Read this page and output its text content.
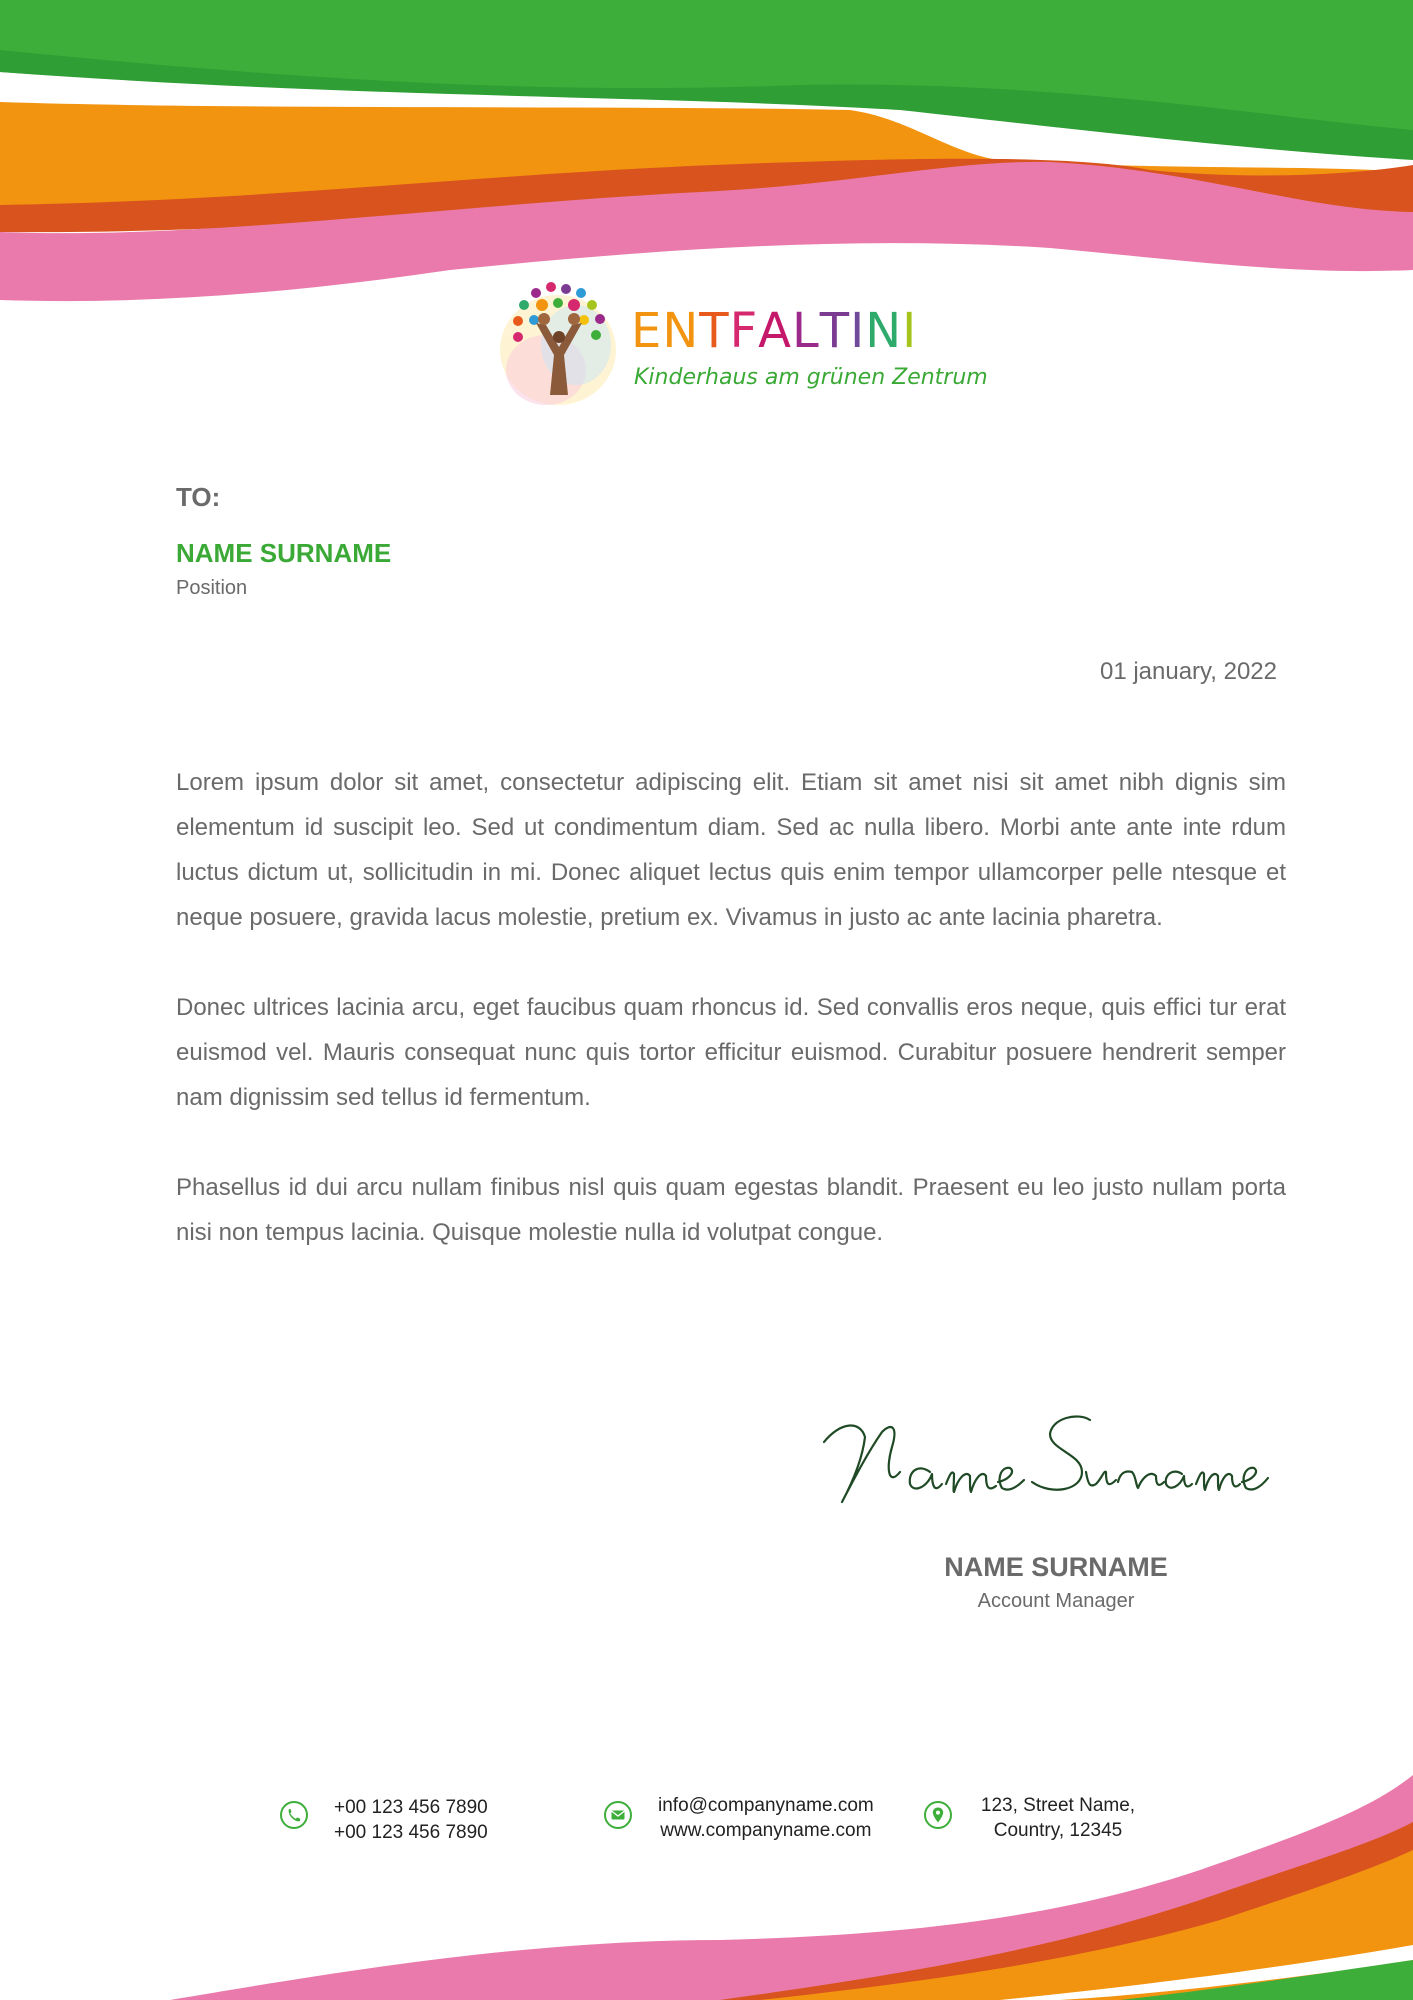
ENTFALTINI
Kinderhaus am grünen Zentrum
TO:
NAME SURNAME
Position
01 january, 2022

Lorem ipsum dolor sit amet, consectetur adipiscing elit. Etiam sit amet nisi sit amet nibh dignis sim elementum id suscipit leo. Sed ut condimentum diam. Sed ac nulla libero. Morbi ante ante inte rdum luctus dictum ut, sollicitudin in mi. Donec aliquet lectus quis enim tempor ullamcorper pelle ntesque et neque posuere, gravida lacus molestie, pretium ex. Vivamus in justo ac ante lacinia pharetra.

Donec ultrices lacinia arcu, eget faucibus quam rhoncus id. Sed convallis eros neque, quis effici tur erat euismod vel. Mauris consequat nunc quis tortor efficitur euismod. Curabitur posuere hendrerit semper nam dignissim sed tellus id fermentum.

Phasellus id dui arcu nullam finibus nisl quis quam egestas blandit. Praesent eu leo justo nullam porta nisi non tempus lacinia. Quisque molestie nulla id volutpat congue.

NAME SURNAME
Account Manager
+00 123 456 7890
+00 123 456 7890
info@companyname.com
www.companyname.com
123, Street Name,
Country, 12345
